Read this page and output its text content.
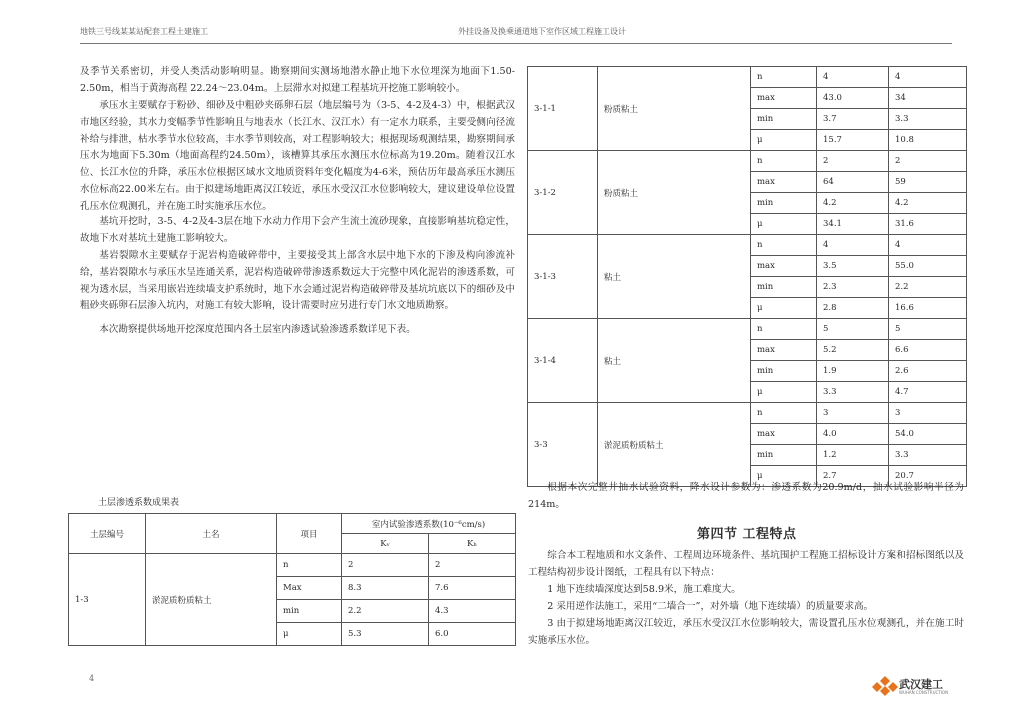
地铁三号线某某站配套工程土建施工	外挂设备及换乘通道地下室作区域工程施工设计

及季节关系密切，并受人类活动影响明显。勘察期间实测场地潜水静止地下水位埋深为地面下1.50-2.50m，相当于黄海高程 22.24～23.04m。上层滞水对拟建工程基坑开挖施工影响较小。

承压水主要赋存于粉砂、细砂及中粗砂夹砾卵石层（地层编号为（3-5、4-2及4-3）中，根据武汉市地区经验，其水力变幅季节性影响且与地表水（长江水、汉江水）有一定水力联系，主要受侧向径流补给与排泄，枯水季节水位较高，丰水季节则较高，对工程影响较大；根据现场观测结果，勘察期间承压水为地面下5.30m（地面高程约24.50m），该槽算其承压水测压水位标高为19.20m。随着汉江水位、长江水位的升降，承压水位根据区域水文地质资料年变化幅度为4-6米，预估历年最高承压水测压水位标高22.00米左右。由于拟建场地距离汉江较近，承压水受汉江水位影响较大，建议建设单位设置孔压水位观测孔，并在施工时实施承压水位。

基坑开挖时，3-5、4-2及4-3层在地下水动力作用下会产生流土流砂现象，直接影响基坑稳定性，故地下水对基坑土建施工影响较大。

基岩裂隙水主要赋存于泥岩构造破碎带中，主要接受其上部含水层中地下水的下渗及构向渗流补给，基岩裂隙水与承压水呈连通关系，泥岩构造破碎带渗透系数远大于完整中风化泥岩的渗透系数，可视为透水层，当采用嵌岩连续墙支护系统时，地下水会通过泥岩构造破碎带及基坑坑底以下的细砂及中粗砂夹砾卵石层渗入坑内，对施工有较大影响，设计需要时应另进行专门水文地质勘察。

本次勘察提供场地开挖深度范围内各土层室内渗透试验渗透系数详见下表。

土层渗透系数成果表
土层编号	土名	项目	室内试验渗透系数(10⁻⁶cm/s)	
			Kᵥ	Kₕ
1-3	淤泥质粉质粘土	n	2	2
		Max	8.3	7.6
		min	2.2	4.3
		μ	5.3	6.0
3-1-1	粉质粘土	n	4	4
		max	43.0	34
		min	3.7	3.3
		μ	15.7	10.8
3-1-2	粉质粘土	n	2	2
		max	64	59
		min	4.2	4.2
		μ	34.1	31.6
3-1-3	粘土	n	4	4
		max	3.5	55.0
		min	2.3	2.2
		μ	2.8	16.6
3-1-4	粘土	n	5	5
		max	5.2	6.6
		min	1.9	2.6
		μ	3.3	4.7
3-3	淤泥质粉质粘土	n	3	3
		max	4.0	54.0
		min	1.2	3.3
		μ	2.7	20.7

根据本次完整井抽水试验资料，降水设计参数为：渗透系数为20.9m/d，抽水试验影响半径为214m。

第四节 工程特点

综合本工程地质和水文条件、工程周边环境条件、基坑围护工程施工招标设计方案和招标图纸以及工程结构初步设计图纸，工程具有以下特点：

1 地下连续墙深度达到58.9米，施工难度大。

2 采用逆作法施工，采用“二墙合一”，对外墙（地下连续墙）的质量要求高。

3 由于拟建场地距离汉江较近，承压水受汉江水位影响较大，需设置孔压水位观测孔，并在施工时实施承压水位。

4	武汉建工
WUHAN CONSTRUCTION
